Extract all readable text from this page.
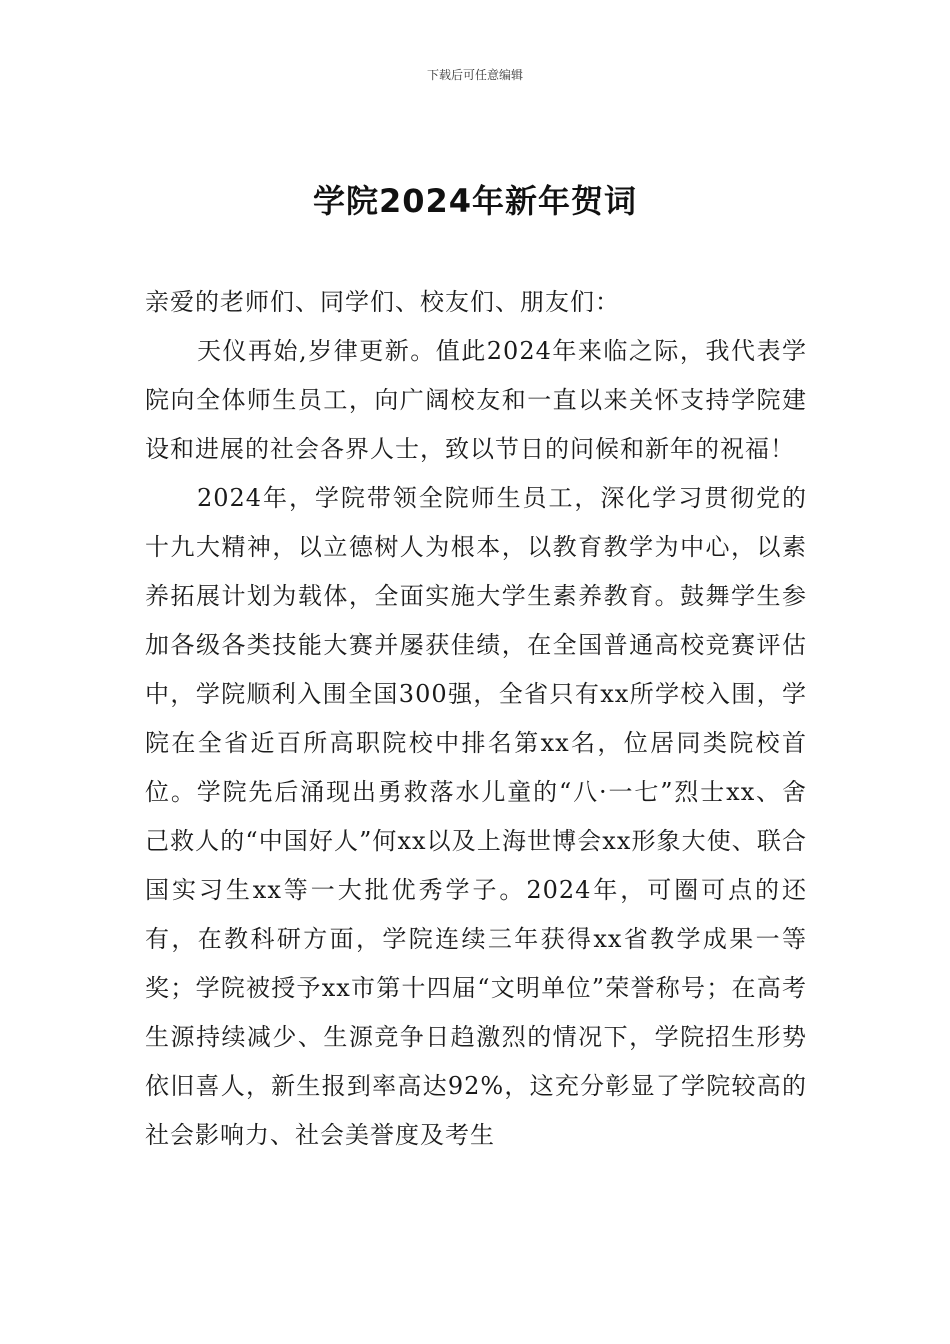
下载后可任意编辑
学院2024年新年贺词

亲爱的老师们、同学们、校友们、朋友们：

天仪再始,岁律更新。值此2024年来临之际，我代表学院向全体师生员工，向广阔校友和一直以来关怀支持学院建设和进展的社会各界人士，致以节日的问候和新年的祝福！

2024年，学院带领全院师生员工，深化学习贯彻党的十九大精神，以立德树人为根本，以教育教学为中心，以素养拓展计划为载体，全面实施大学生素养教育。鼓舞学生参加各级各类技能大赛并屡获佳绩，在全国普通高校竞赛评估中，学院顺利入围全国300强，全省只有xx所学校入围，学院在全省近百所高职院校中排名第xx名，位居同类院校首位。学院先后涌现出勇救落水儿童的“八·一七”烈士xx、舍己救人的“中国好人”何xx以及上海世博会xx形象大使、联合国实习生xx等一大批优秀学子。2024年，可圈可点的还有，在教科研方面，学院连续三年获得xx省教学成果一等奖；学院被授予xx市第十四届“文明单位”荣誉称号；在高考生源持续减少、生源竞争日趋激烈的情况下，学院招生形势依旧喜人，新生报到率高达92%，这充分彰显了学院较高的社会影响力、社会美誉度及考生
